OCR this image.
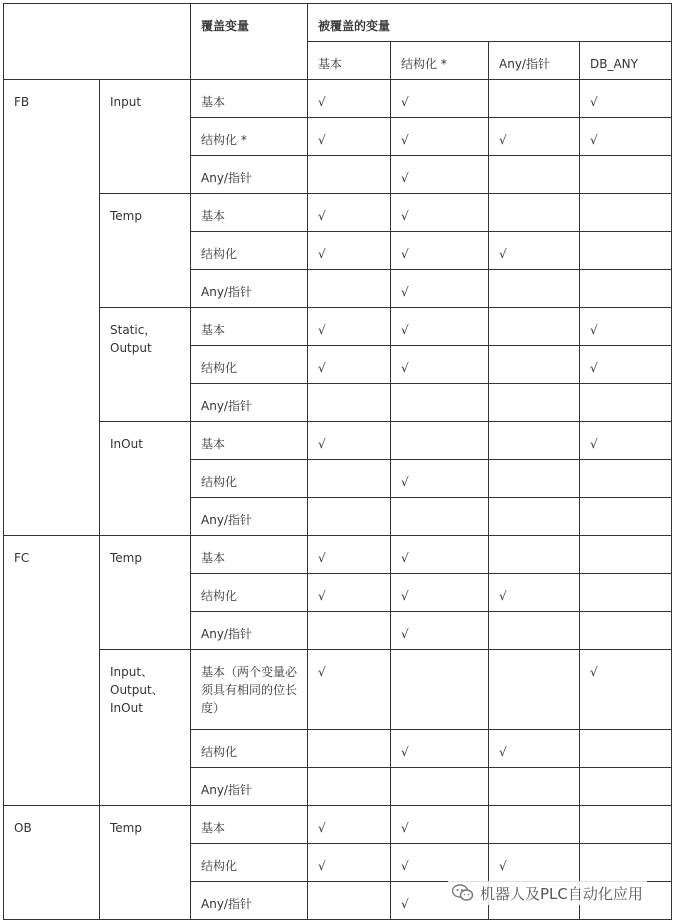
		覆盖变量	被覆盖的变量			
			基本	结构化 *	Any/指针	DB_ANY
FB	Input	基本	√	√		√
		结构化 *	√	√	√	√
		Any/指针		√		
	Temp	基本	√	√		
		结构化	√	√	√	
		Any/指针		√		
	Static，Output	基本	√	√		√
		结构化	√	√		√
		Any/指针				
	InOut	基本	√			√
		结构化		√		
		Any/指针				
FC	Temp	基本	√	√		
		结构化	√	√	√	
		Any/指针		√		
	Input、Output、InOut	基本（两个变量必须具有相同的位长度）	√			√
		结构化		√	√	
		Any/指针				
OB	Temp	基本	√	√		
		结构化	√	√	√	
		Any/指针		√		
机器人及PLC自动化应用
